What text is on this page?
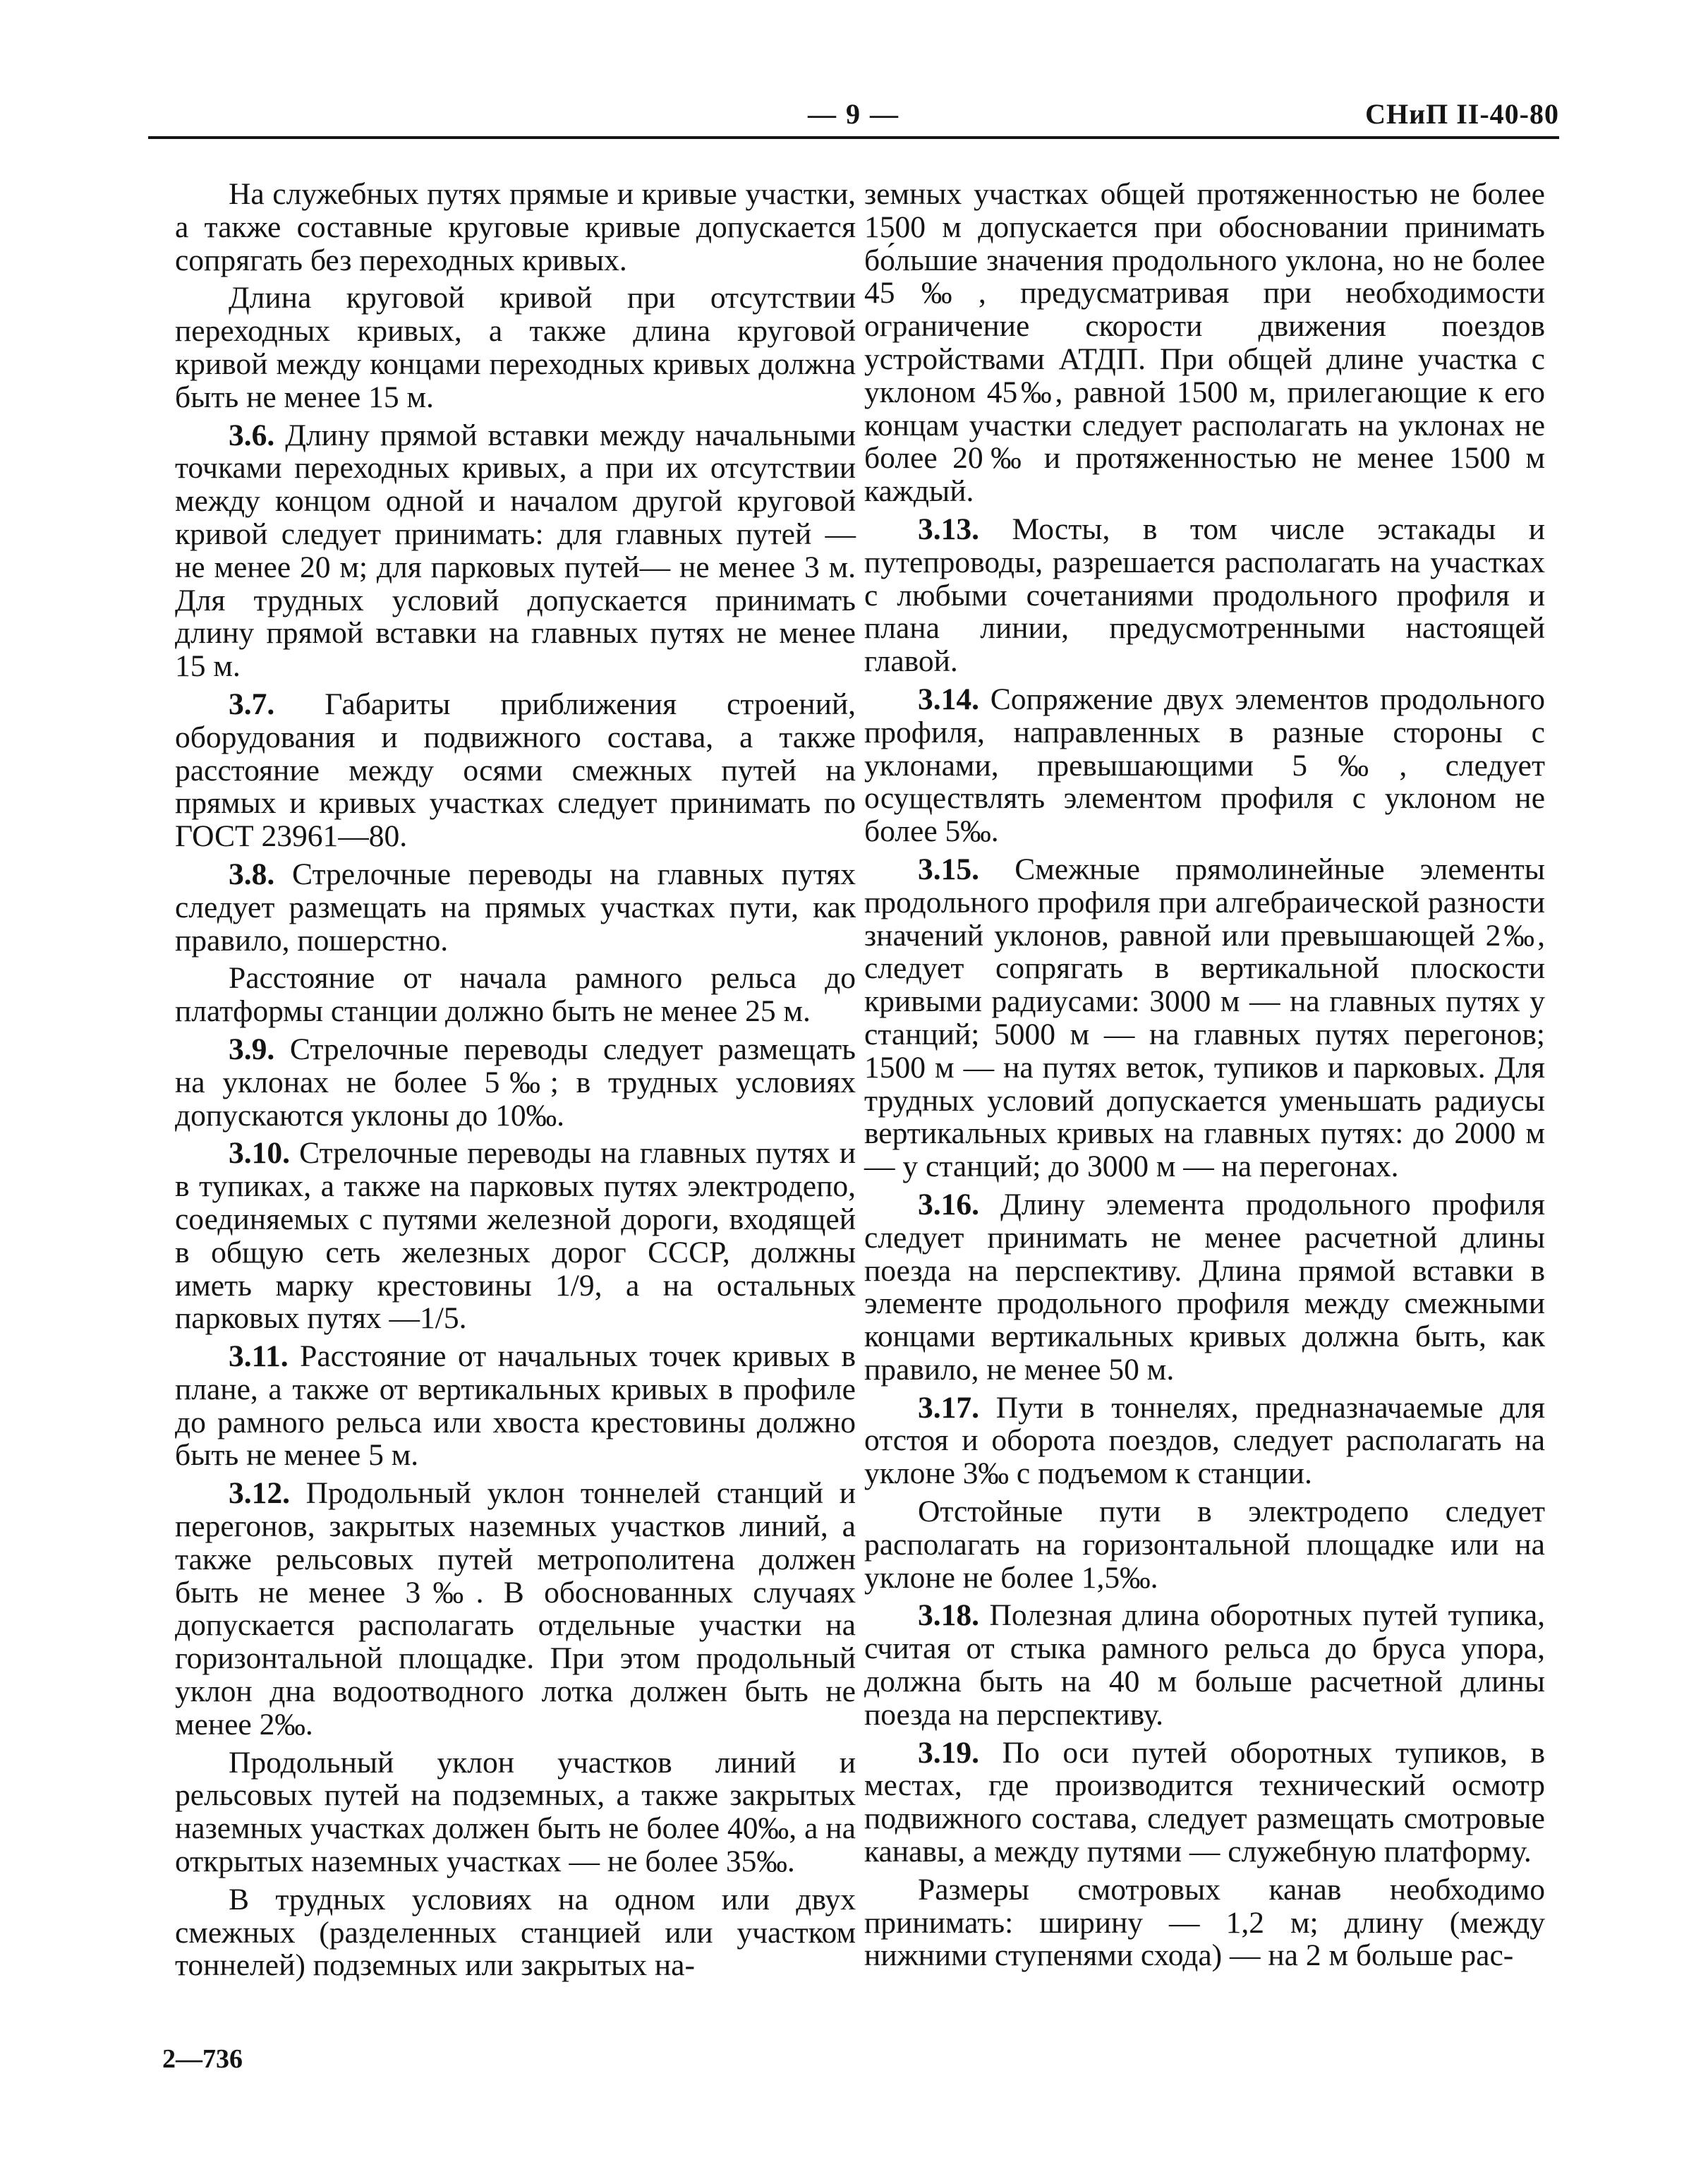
— 9 —	СНиП II-40-80

На служебных путях прямые и кривые участки, а также составные круговые кривые допускается сопрягать без переходных кривых.

Длина круговой кривой при отсутствии переходных кривых, а также длина круговой кривой между концами переходных кривых должна быть не менее 15 м.

3.6. Длину прямой вставки между начальными точками переходных кривых, а при их отсутствии между концом одной и началом другой круговой кривой следует принимать: для главных путей — не менее 20 м; для парковых путей— не менее 3 м. Для трудных условий допускается принимать длину прямой вставки на главных путях не менее 15 м.

3.7. Габариты приближения строений, оборудования и подвижного состава, а также расстояние между осями смежных путей на прямых и кривых участках следует принимать по ГОСТ 23961—80.

3.8. Стрелочные переводы на главных путях следует размещать на прямых участках пути, как правило, пошерстно.

Расстояние от начала рамного рельса до платформы станции должно быть не менее 25 м.

3.9. Стрелочные переводы следует размещать на уклонах не более 5‰; в трудных условиях допускаются уклоны до 10‰.

3.10. Стрелочные переводы на главных путях и в тупиках, а также на парковых путях электродепо, соединяемых с путями железной дороги, входящей в общую сеть железных дорог СССР, должны иметь марку крестовины 1/9, а на остальных парковых путях —1/5.

3.11. Расстояние от начальных точек кривых в плане, а также от вертикальных кривых в профиле до рамного рельса или хвоста крестовины должно быть не менее 5 м.

3.12. Продольный уклон тоннелей станций и перегонов, закрытых наземных участков линий, а также рельсовых путей метрополитена должен быть не менее 3‰. В обоснованных случаях допускается располагать отдельные участки на горизонтальной площадке. При этом продольный уклон дна водоотводного лотка должен быть не менее 2‰.

Продольный уклон участков линий и рельсовых путей на подземных, а также закрытых наземных участках должен быть не более 40‰, а на открытых наземных участках — не более 35‰.

В трудных условиях на одном или двух смежных (разделенных станцией или участком тоннелей) подземных или закрытых на-

земных участках общей протяженностью не более 1500 м допускается при обосновании принимать бо́льшие значения продольного уклона, но не более 45‰, предусматривая при необходимости ограничение скорости движения поездов устройствами АТДП. При общей длине участка с уклоном 45‰, равной 1500 м, прилегающие к его концам участки следует располагать на уклонах не более 20‰ и протяженностью не менее 1500 м каждый.

3.13. Мосты, в том числе эстакады и путепроводы, разрешается располагать на участках с любыми сочетаниями продольного профиля и плана линии, предусмотренными настоящей главой.

3.14. Сопряжение двух элементов продольного профиля, направленных в разные стороны с уклонами, превышающими 5‰, следует осуществлять элементом профиля с уклоном не более 5‰.

3.15. Смежные прямолинейные элементы продольного профиля при алгебраической разности значений уклонов, равной или превышающей 2‰, следует сопрягать в вертикальной плоскости кривыми радиусами: 3000 м — на главных путях у станций; 5000 м — на главных путях перегонов; 1500 м — на путях веток, тупиков и парковых. Для трудных условий допускается уменьшать радиусы вертикальных кривых на главных путях: до 2000 м — у станций; до 3000 м — на перегонах.

3.16. Длину элемента продольного профиля следует принимать не менее расчетной длины поезда на перспективу. Длина прямой вставки в элементе продольного профиля между смежными концами вертикальных кривых должна быть, как правило, не менее 50 м.

3.17. Пути в тоннелях, предназначаемые для отстоя и оборота поездов, следует располагать на уклоне 3‰ с подъемом к станции.

Отстойные пути в электродепо следует располагать на горизонтальной площадке или на уклоне не более 1,5‰.

3.18. Полезная длина оборотных путей тупика, считая от стыка рамного рельса до бруса упора, должна быть на 40 м больше расчетной длины поезда на перспективу.

3.19. По оси путей оборотных тупиков, в местах, где производится технический осмотр подвижного состава, следует размещать смотровые канавы, а между путями — служебную платформу.

Размеры смотровых канав необходимо принимать: ширину — 1,2 м; длину (между нижними ступенями схода) — на 2 м больше рас-

2—736
